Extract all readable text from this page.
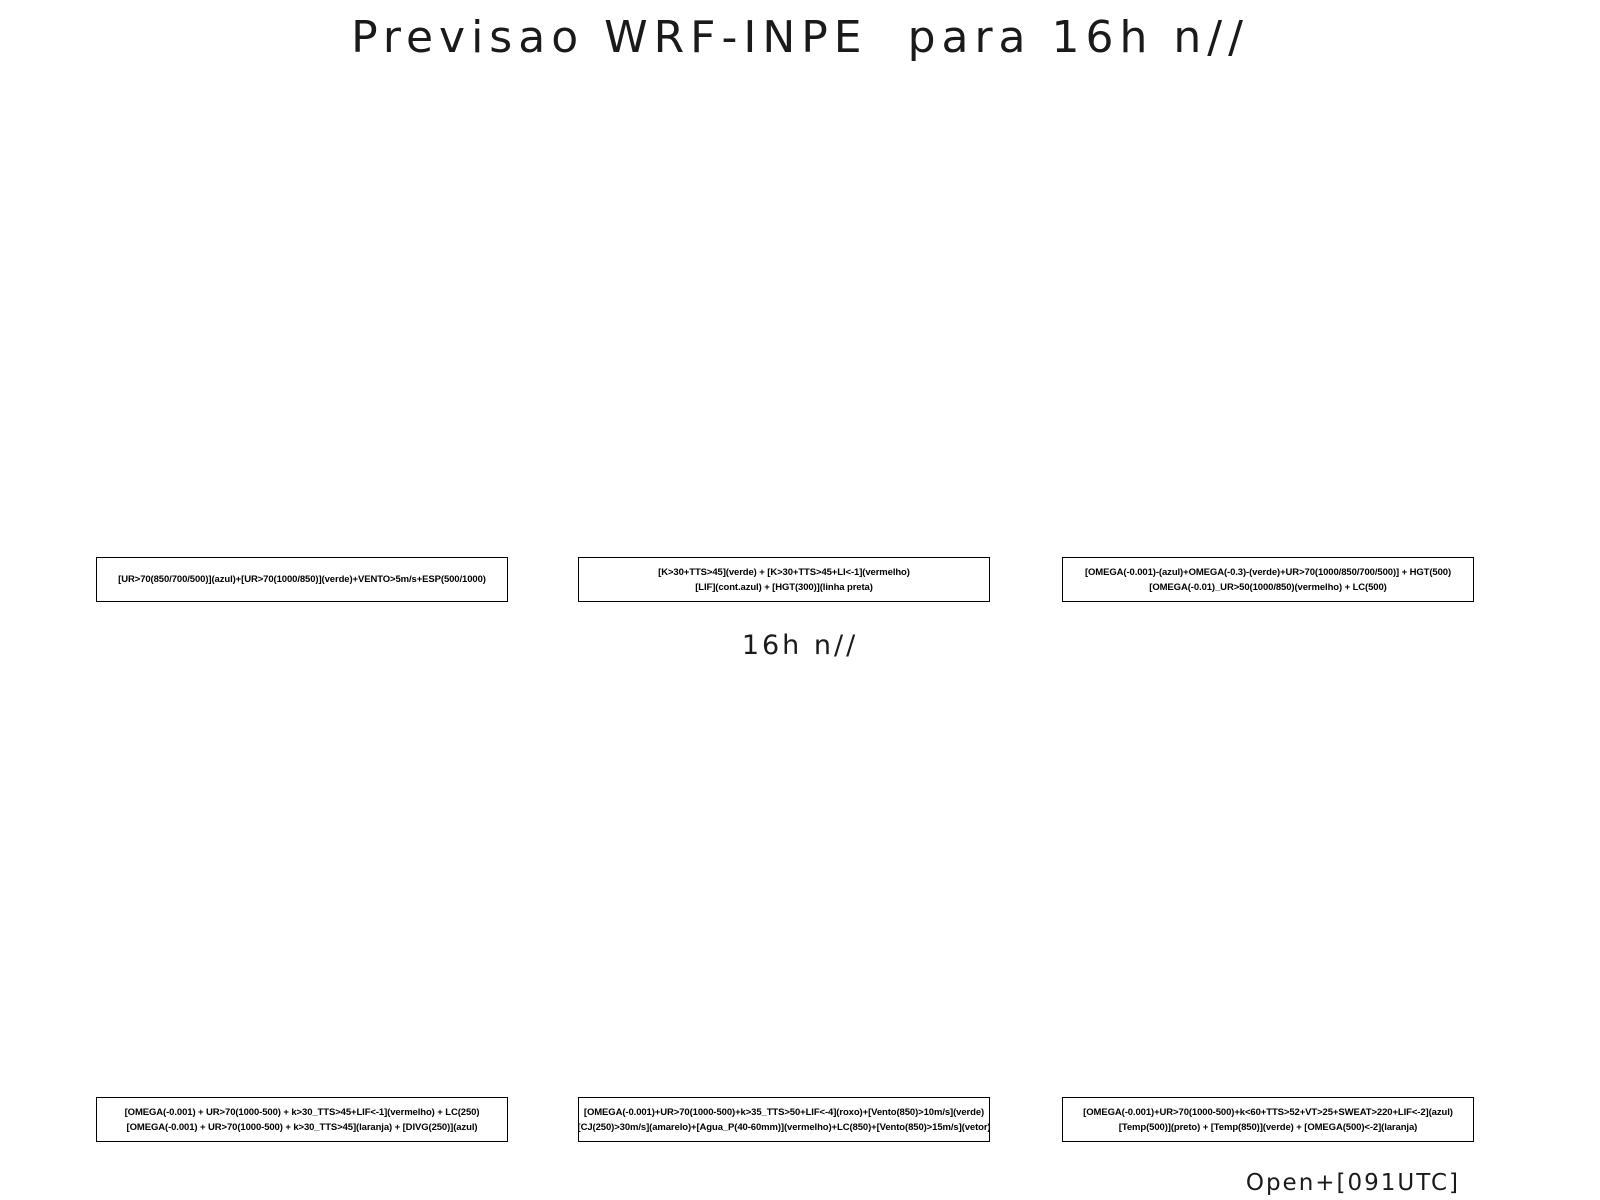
Previsao WRF-INPE  para 16h n//
[UR>70(850/700/500)](azul)+[UR>70(1000/850)](verde)+VENTO>5m/s+ESP(500/1000)
[K>30+TTS>45](verde) + [K>30+TTS>45+LI<-1](vermelho)
[LIF](cont.azul) + [HGT(300)](linha preta)
[OMEGA(-0.001)-(azul)+OMEGA(-0.3)-(verde)+UR>70(1000/850/700/500)] + HGT(500)
[OMEGA(-0.01)_UR>50(1000/850)(vermelho) + LC(500)
16h n//
[OMEGA(-0.001) + UR>70(1000-500) + k>30_TTS>45+LIF<-1](vermelho) + LC(250)
[OMEGA(-0.001) + UR>70(1000-500) + k>30_TTS>45](laranja) + [DIVG(250)](azul)
[OMEGA(-0.001)+UR>70(1000-500)+k>35_TTS>50+LIF<-4](roxo)+[Vento(850)>10m/s](verde)
[CJ(250)>30m/s](amarelo)+[Agua_P(40-60mm)](vermelho)+LC(850)+[Vento(850)>15m/s](vetor)
[OMEGA(-0.001)+UR>70(1000-500)+k<60+TTS>52+VT>25+SWEAT>220+LIF<-2](azul)
[Temp(500)](preto) + [Temp(850)](verde) + [OMEGA(500)<-2](laranja)
Open+[091UTC]
